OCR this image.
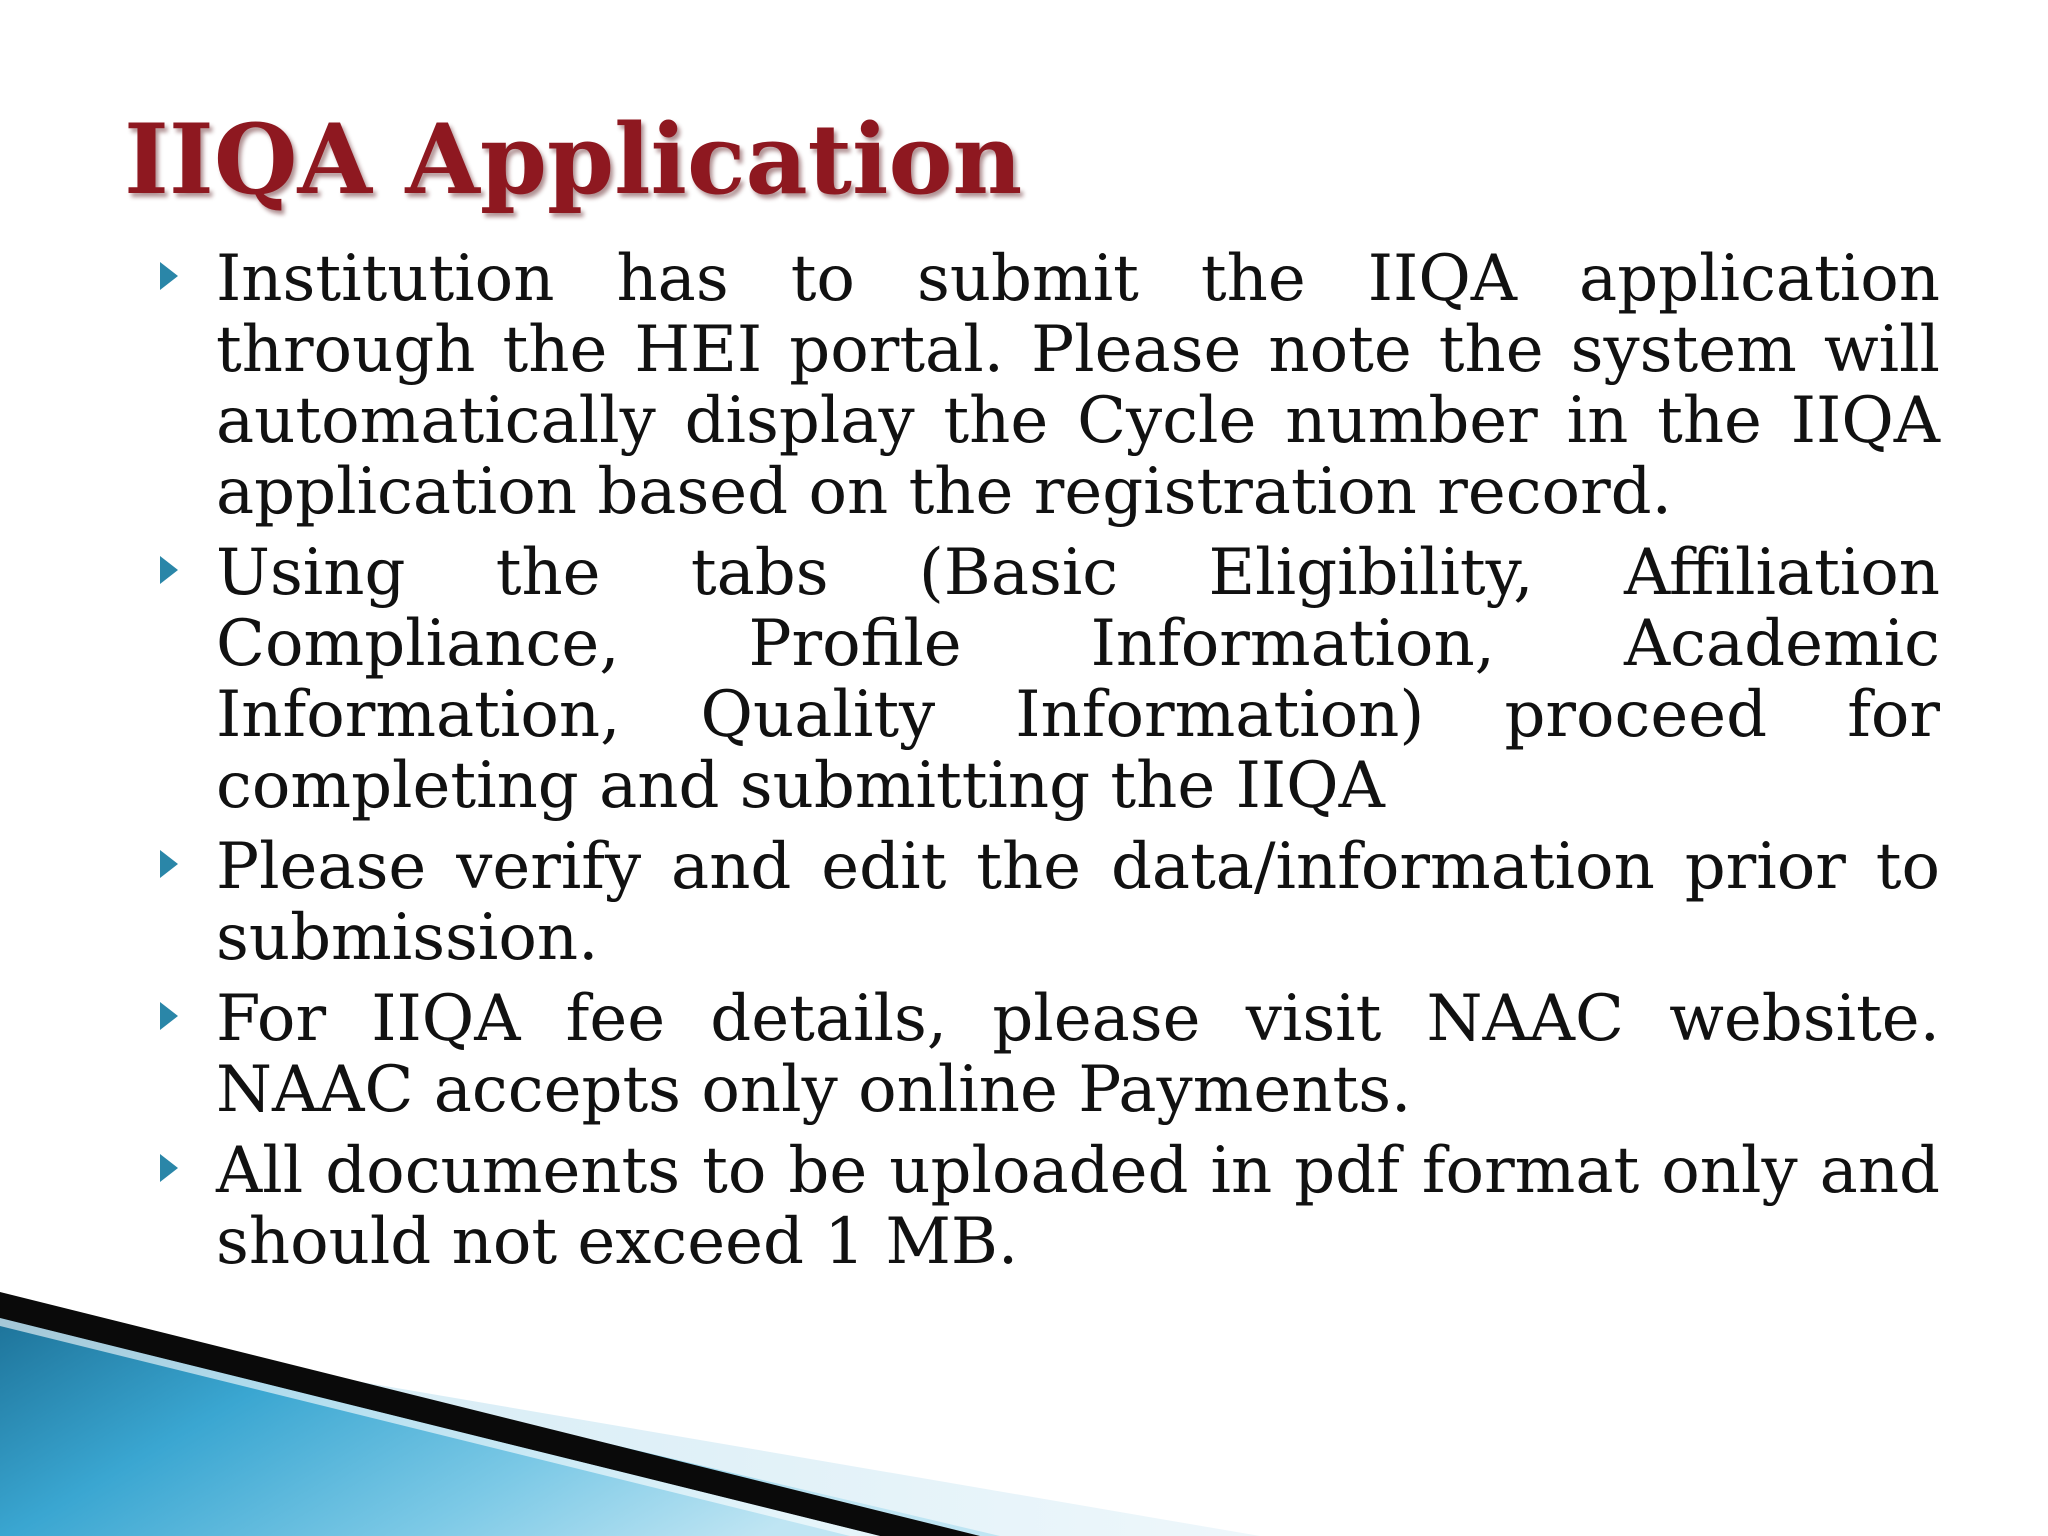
IIQA Application
Institution has to submit the IIQA application through the HEI portal. Please note the system will automatically display the Cycle number in the IIQA application based on the registration record.
Using the tabs (Basic Eligibility, Affiliation Compliance, Profile Information, Academic Information, Quality Information) proceed for completing and submitting the IIQA
Please verify and edit the data/information prior to submission.
For IIQA fee details, please visit NAAC website. NAAC accepts only online Payments.
All documents to be uploaded in pdf format only and should not exceed 1 MB.
